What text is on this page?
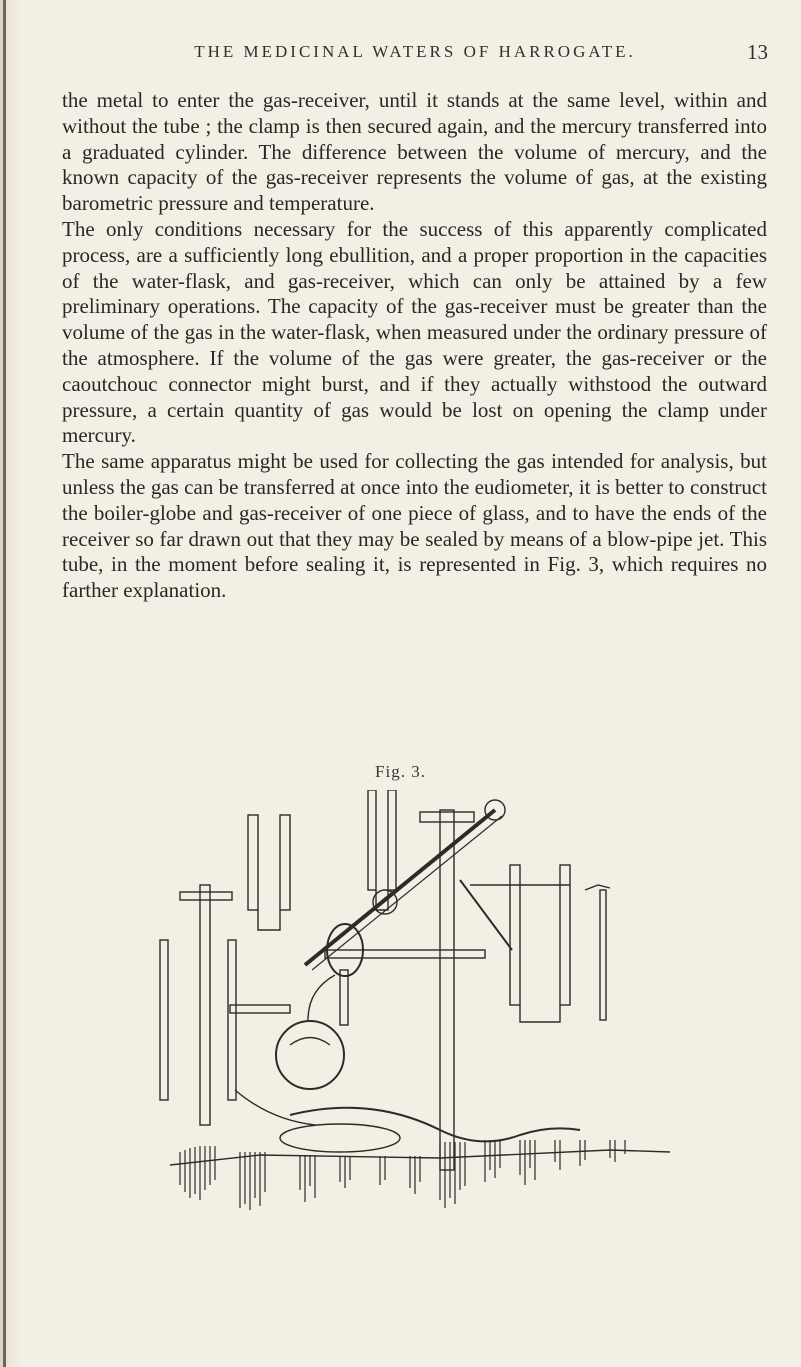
THE MEDICINAL WATERS OF HARROGATE.	13

the metal to enter the gas-receiver, until it stands at the same level, within and without the tube ; the clamp is then secured again, and the mercury transferred into a graduated cylinder. The difference between the volume of mercury, and the known capacity of the gas-receiver represents the volume of gas, at the existing barometric pressure and temperature.

The only conditions necessary for the success of this apparently complicated process, are a sufficiently long ebullition, and a proper proportion in the capacities of the water-flask, and gas-receiver, which can only be attained by a few preliminary operations. The capacity of the gas-receiver must be greater than the volume of the gas in the water-flask, when measured under the ordinary pressure of the atmosphere. If the volume of the gas were greater, the gas-receiver or the caoutchouc connector might burst, and if they actually withstood the outward pressure, a certain quantity of gas would be lost on opening the clamp under mercury.

The same apparatus might be used for collecting the gas intended for analysis, but unless the gas can be transferred at once into the eudiometer, it is better to construct the boiler-globe and gas-receiver of one piece of glass, and to have the ends of the receiver so far drawn out that they may be sealed by means of a blow-pipe jet. This tube, in the moment before sealing it, is represented in Fig. 3, which requires no farther explanation.

Fig. 3.
